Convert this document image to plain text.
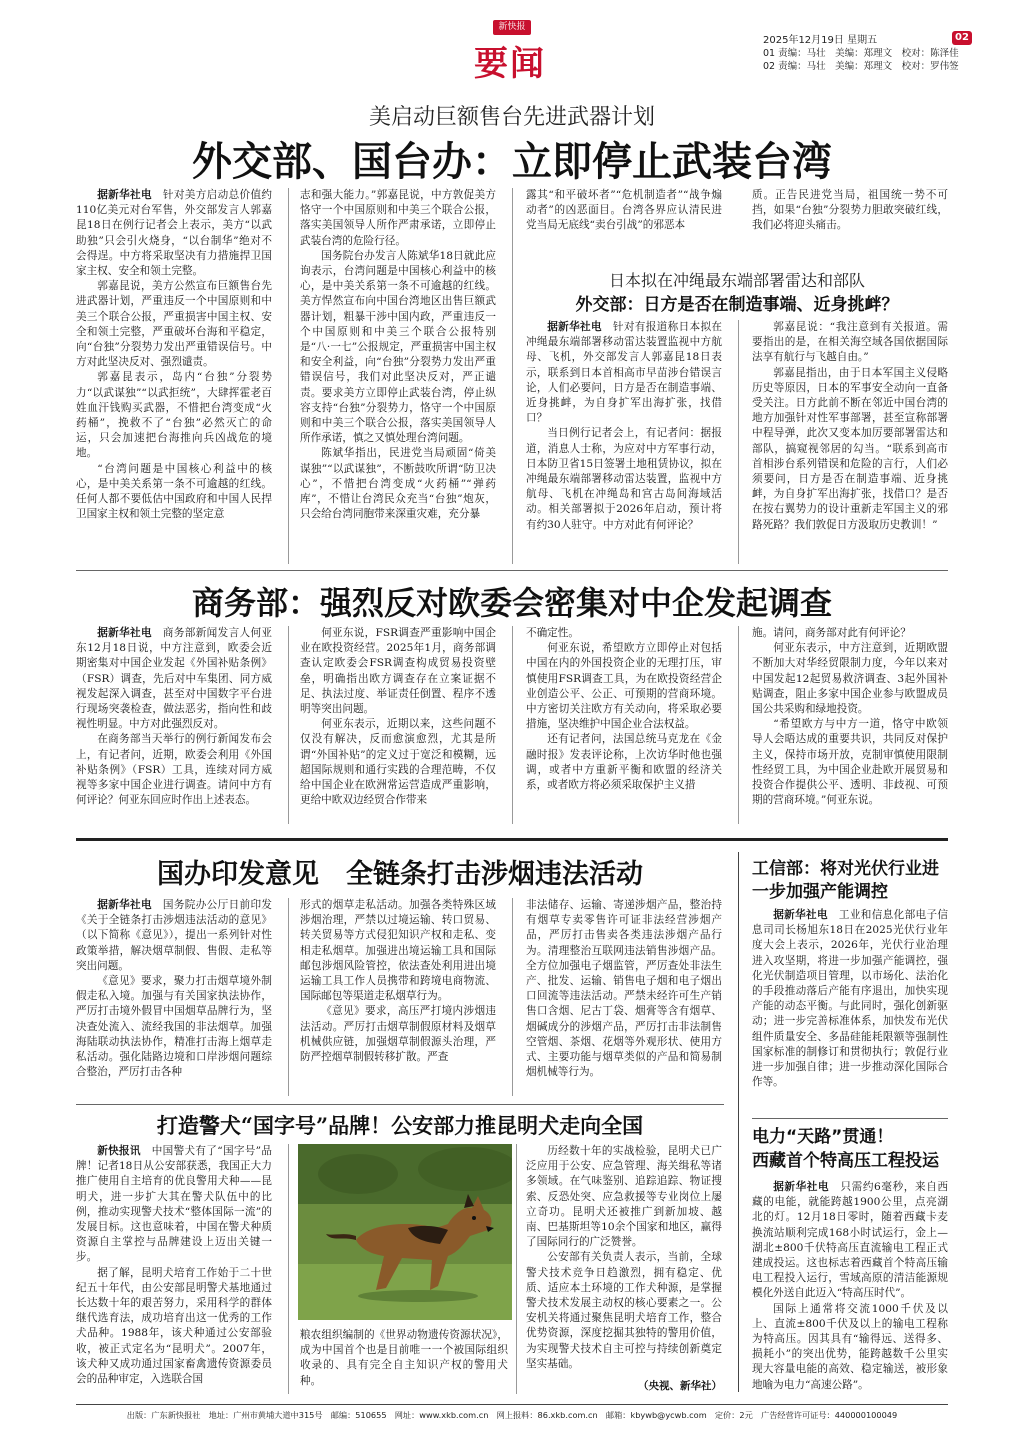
新快报
要闻
2025年12月19日 星期五	02
01 责编：马壮　美编：郑理文　校对：陈泽佳
02 责编：马壮　美编：郑理文　校对：罗伟签
美启动巨额售台先进武器计划
外交部、国台办：立即停止武装台湾

据新华社电　 针对美方启动总价值约110亿美元对台军售，外交部发言人郭嘉昆18日在例行记者会上表示，美方“以武助独”只会引火烧身，“以台制华”绝对不会得逞。中方将采取坚决有力措施捍卫国家主权、安全和领土完整。

郭嘉昆说，美方公然宣布巨额售台先进武器计划，严重违反一个中国原则和中美三个联合公报，严重损害中国主权、安全和领土完整，严重破坏台海和平稳定，向“台独”分裂势力发出严重错误信号。中方对此坚决反对、强烈谴责。

郭嘉昆表示，岛内“台独”分裂势力“以武谋独”“以武拒统”，大肆挥霍老百姓血汗钱购买武器，不惜把台湾变成“火药桶”，挽救不了“台独”必然灭亡的命运，只会加速把台海推向兵凶战危的境地。

“台湾问题是中国核心利益中的核心，是中美关系第一条不可逾越的红线。任何人都不要低估中国政府和中国人民捍卫国家主权和领土完整的坚定意

志和强大能力。”郭嘉昆说，中方敦促美方恪守一个中国原则和中美三个联合公报，落实美国领导人所作严肃承诺，立即停止武装台湾的危险行径。

国务院台办发言人陈斌华18日就此应询表示，台湾问题是中国核心利益中的核心，是中美关系第一条不可逾越的红线。美方悍然宣布向中国台湾地区出售巨额武器计划，粗暴干涉中国内政，严重违反一个中国原则和中美三个联合公报特别是“八·一七”公报规定，严重损害中国主权和安全利益，向“台独”分裂势力发出严重错误信号，我们对此坚决反对，严正谴责。要求美方立即停止武装台湾，停止纵容支持“台独”分裂势力，恪守一个中国原则和中美三个联合公报，落实美国领导人所作承诺，慎之又慎处理台湾问题。

陈斌华指出，民进党当局顽固“倚美谋独”“以武谋独”，不断鼓吹所谓“防卫决心”，不惜把台湾变成“火药桶”“弹药库”，不惜让台湾民众充当“台独”炮灰，只会给台湾同胞带来深重灾难，充分暴

露其“和平破坏者”“危机制造者”“战争煽动者”的凶恶面目。台湾各界应认清民进党当局无底线“卖台引战”的邪恶本

质。正告民进党当局，祖国统一势不可挡，如果“台独”分裂势力胆敢突破红线，我们必将迎头痛击。

日本拟在冲绳最东端部署雷达和部队
外交部：日方是否在制造事端、近身挑衅？

据新华社电　 针对有报道称日本拟在冲绳最东端部署移动雷达装置监视中方航母、飞机，外交部发言人郭嘉昆18日表示，联系到日本首相高市早苗涉台错误言论，人们必要问，日方是否在制造事端、近身挑衅，为自身扩军出海扩张，找借口？

当日例行记者会上，有记者问：据报道，消息人士称，为应对中方军事行动，日本防卫省15日签署土地租赁协议，拟在冲绳最东端部署移动雷达装置，监视中方航母、飞机在冲绳岛和宫古岛间海域活动。相关部署拟于2026年启动，预计将有约30人驻守。中方对此有何评论？

郭嘉昆说：“我注意到有关报道。需要指出的是，在相关海空域各国依据国际法享有航行与飞越自由。”

郭嘉昆指出，由于日本军国主义侵略历史等原因，日本的军事安全动向一直备受关注。日方此前不断在邻近中国台湾的地方加强针对性军事部署，甚至宣称部署中程导弹，此次又变本加厉要部署雷达和部队，搞窥视邻居的勾当。“联系到高市首相涉台系列错误和危险的言行，人们必须要问，日方是否在制造事端、近身挑衅，为自身扩军出海扩张，找借口？是否在按右翼势力的设计重新走军国主义的邪路死路？我们敦促日方汲取历史教训！”

商务部：强烈反对欧委会密集对中企发起调查

据新华社电　 商务部新闻发言人何亚东12月18日说，中方注意到，欧委会近期密集对中国企业发起《外国补贴条例》（FSR）调查，先后对中车集团、同方威视发起深入调查，甚至对中国数字平台进行现场突袭检查，做法恶劣，指向性和歧视性明显。中方对此强烈反对。

在商务部当天举行的例行新闻发布会上，有记者问，近期，欧委会利用《外国补贴条例》（FSR）工具，连续对同方威视等多家中国企业进行调查。请问中方有何评论？何亚东回应时作出上述表态。

何亚东说，FSR调查严重影响中国企业在欧投资经营。2025年1月，商务部调查认定欧委会FSR调查构成贸易投资壁垒，明确指出欧方调查存在立案证据不足、执法过度、举证责任倒置、程序不透明等突出问题。

何亚东表示，近期以来，这些问题不仅没有解决，反而愈演愈烈，尤其是所谓“外国补贴”的定义过于宽泛和模糊，远超国际规则和通行实践的合理范畴，不仅给中国企业在欧洲常运营造成严重影响，更给中欧双边经贸合作带来

不确定性。

何亚东说，希望欧方立即停止对包括中国在内的外国投资企业的无理打压，审慎使用FSR调查工具，为在欧投资经营企业创造公平、公正、可预期的营商环境。中方密切关注欧方有关动向，将采取必要措施，坚决维护中国企业合法权益。

还有记者问，法国总统马克龙在《金融时报》发表评论称，上次访华时他也强调，或者中方重新平衡和欧盟的经济关系，或者欧方将必须采取保护主义措

施。请问，商务部对此有何评论？

何亚东表示，中方注意到，近期欧盟不断加大对华经贸限制力度，今年以来对中国发起12起贸易救济调查、3起外国补贴调查，阻止多家中国企业参与欧盟成员国公共采购和绿地投资。

“希望欧方与中方一道，恪守中欧领导人会晤达成的重要共识，共同反对保护主义，保持市场开放，克制审慎使用限制性经贸工具，为中国企业赴欧开展贸易和投资合作提供公平、透明、非歧视、可预期的营商环境。”何亚东说。

国办印发意见　全链条打击涉烟违法活动

据新华社电　 国务院办公厅日前印发《关于全链条打击涉烟违法活动的意见》（以下简称《意见》），提出一系列针对性政策举措，解决烟草制假、售假、走私等突出问题。

《意见》要求，聚力打击烟草境外制假走私入境。加强与有关国家执法协作，严厉打击境外假冒中国烟草品牌行为，坚决查处流入、流经我国的非法烟草。加强海陆联动执法协作，精准打击海上烟草走私活动。强化陆路边境和口岸涉烟问题综合整治，严厉打击各种

形式的烟草走私活动。加强各类特殊区域涉烟治理，严禁以过境运输、转口贸易、转关贸易等方式侵犯知识产权和走私、变相走私烟草。加强进出境运输工具和国际邮包涉烟风险管控，依法查处利用进出境运输工具工作人员携带和跨境电商物流、国际邮包等渠道走私烟草行为。

《意见》要求，高压严打境内涉烟违法活动。严厉打击烟草制假原材料及烟草机械供应链，加强烟草制假源头治理，严防严控烟草制假转移扩散。严查

非法储存、运输、寄递涉烟产品，整治持有烟草专卖零售许可证非法经营涉烟产品，严厉打击售卖各类违法涉烟产品行为。清理整治互联网违法销售涉烟产品。全方位加强电子烟监管，严厉查处非法生产、批发、运输、销售电子烟和电子烟出口回流等违法活动。严禁未经许可生产销售口含烟、尼古丁袋、烟膏等含有烟草、烟碱成分的涉烟产品，严厉打击非法制售空管烟、茶烟、花烟等外观形状、使用方式、主要功能与烟草类似的产品和简易制烟机械等行为。

工信部：将对光伏行业进一步加强产能调控

据新华社电　 工业和信息化部电子信息司司长杨旭东18日在2025光伏行业年度大会上表示，2026年，光伏行业治理进入攻坚期，将进一步加强产能调控，强化光伏制造项目管理，以市场化、法治化的手段推动落后产能有序退出，加快实现产能的动态平衡。与此同时，强化创新驱动；进一步完善标准体系，加快发布光伏组件质量安全、多晶硅能耗限额等强制性国家标准的制修订和贯彻执行；敦促行业进一步加强自律；进一步推动深化国际合作等。

电力“天路”贯通！
西藏首个特高压工程投运

据新华社电　 只需约6毫秒，来自西藏的电能，就能跨越1900公里，点亮湖北的灯。12月18日零时，随着西藏卡麦换流站顺利完成168小时试运行，金上—湖北±800千伏特高压直流输电工程正式建成投运。这也标志着西藏首个特高压输电工程投入运行，雪域高原的清洁能源规模化外送自此迈入“特高压时代”。

国际上通常将交流1000千伏及以上、直流±800千伏及以上的输电工程称为特高压。因其具有“输得远、送得多、损耗小”的突出优势，能跨越数千公里实现大容量电能的高效、稳定输送，被形象地喻为电力“高速公路”。

打造警犬“国字号”品牌！公安部力推昆明犬走向全国

新快报讯　 中国警犬有了“国字号”品牌！记者18日从公安部获悉，我国正大力推广使用自主培育的优良警用犬种——昆明犬，进一步扩大其在警犬队伍中的比例，推动实现警犬技术“整体国际一流”的发展目标。这也意味着，中国在警犬种质资源自主掌控与品牌建设上迈出关键一步。

据了解，昆明犬培育工作始于二十世纪五十年代，由公安部昆明警犬基地通过长达数十年的艰苦努力，采用科学的群体继代选育法，成功培育出这一优秀的工作犬品种。1988年，该犬种通过公安部验收，被正式定名为“昆明犬”。2007年，该犬种又成功通过国家畜禽遗传资源委员会的品种审定，入选联合国

粮农组织编制的《世界动物遗传资源状况》，成为中国首个也是目前唯一一个被国际组织收录的、具有完全自主知识产权的警用犬种。

历经数十年的实战检验，昆明犬已广泛应用于公安、应急管理、海关缉私等诸多领域。在气味鉴别、追踪追踪、物证搜索、反恐处突、应急救援等专业岗位上屡立奇功。昆明犬还被推广到新加坡、越南、巴基斯坦等10余个国家和地区，赢得了国际同行的广泛赞誉。

公安部有关负责人表示，当前，全球警犬技术竞争日趋激烈，拥有稳定、优质、适应本土环境的工作犬种源，是掌握警犬技术发展主动权的核心要素之一。公安机关将通过聚焦昆明犬培育工作，整合优势资源，深度挖掘其独特的警用价值，为实现警犬技术自主可控与持续创新奠定坚实基础。

（央视、新华社）
出版：广东新快报社　地址：广州市黄埔大道中315号　邮编：510655　网址：www.xkb.com.cn　网上报料：86.xkb.com.cn　邮箱：kbywb@ycwb.com　定价：2元　广告经营许可证号：440000100049
